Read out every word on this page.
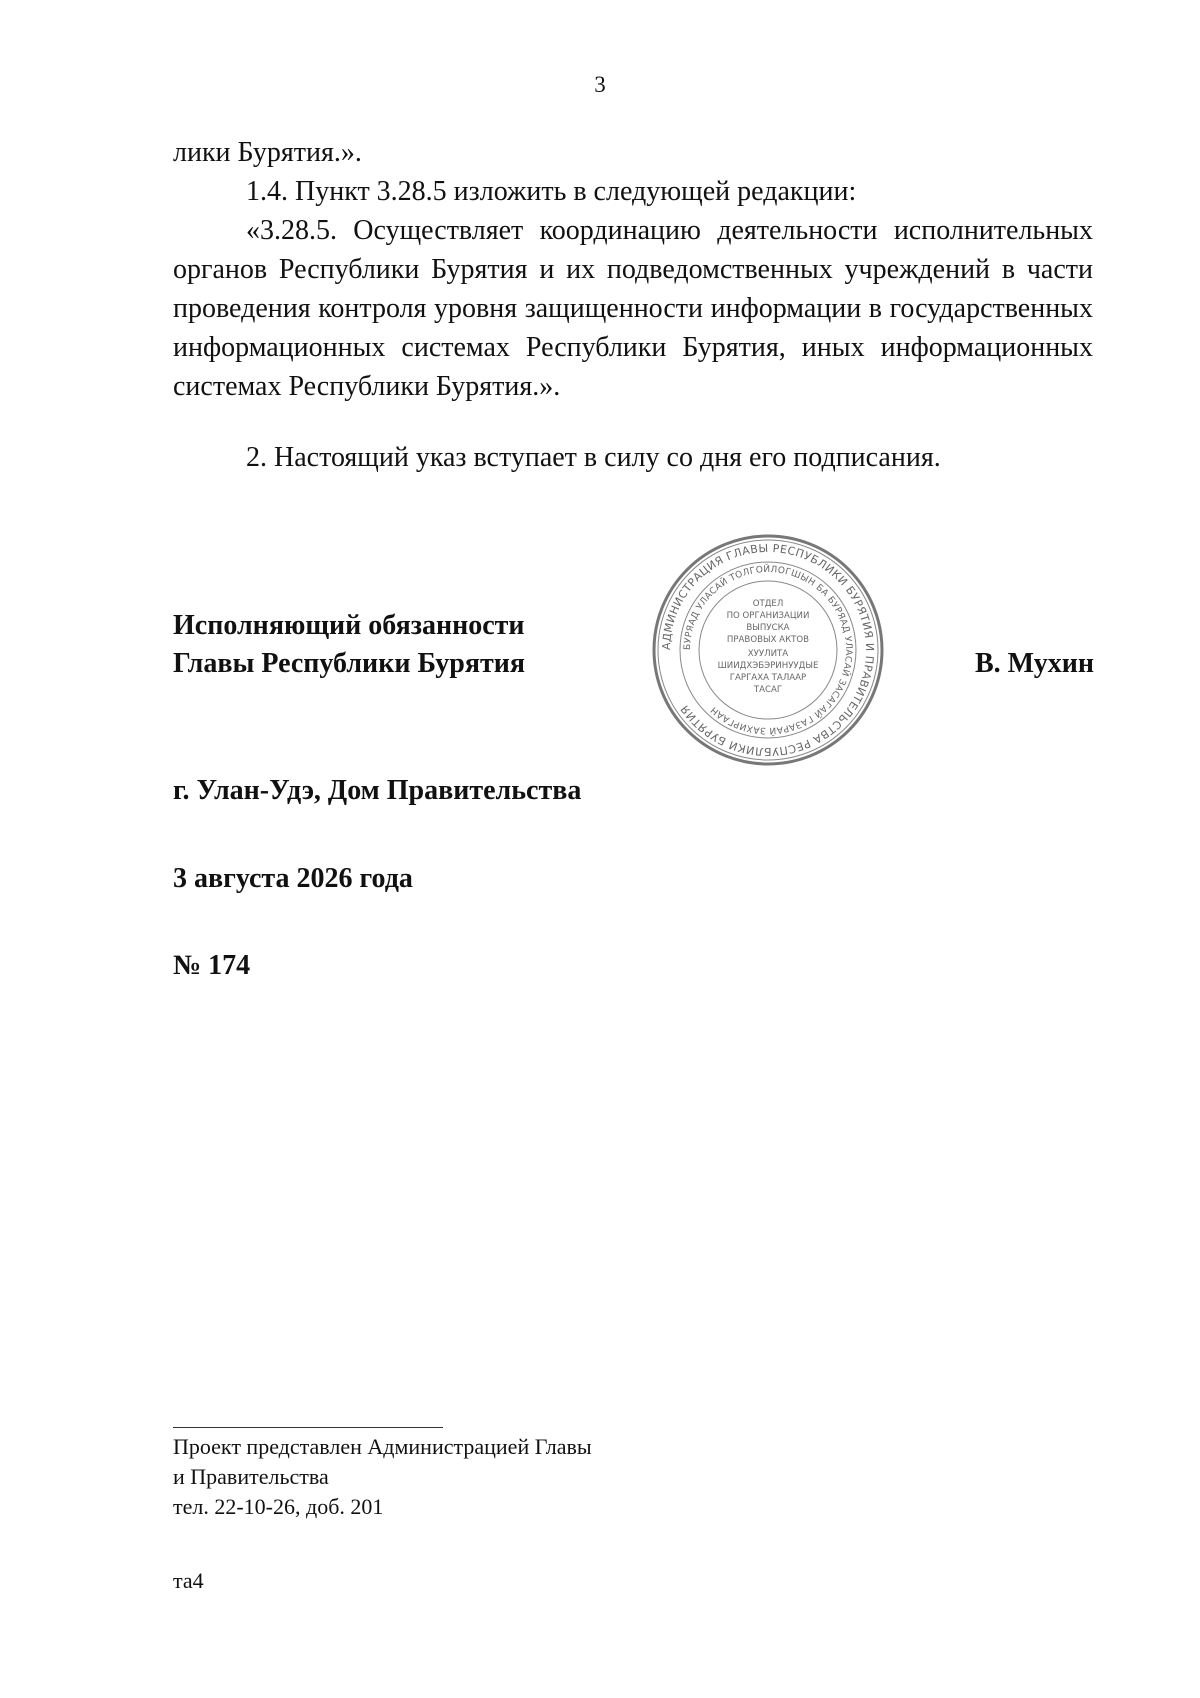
3
лики Бурятия.».
1.4. Пункт 3.28.5 изложить в следующей редакции:
«3.28.5. Осуществляет координацию деятельности исполнительных органов Республики Бурятия и их подведомственных учреждений в части проведения контроля уровня защищенности информации в государственных информационных системах Республики Бурятия, иных информационных системах Республики Бурятия.».
2. Настоящий указ вступает в силу со дня его подписания.
Исполняющий обязанности
Главы Республики Бурятия	В. Мухин
АДМИНИСТРАЦИЯ ГЛАВЫ РЕСПУБЛИКИ БУРЯТИЯ И ПРАВИТЕЛЬСТВА РЕСПУБЛИКИ БУРЯТИЯ
БУРЯАД УЛАСАЙ ТОЛГОЙЛОГШЫН БА БУРЯАД УЛАСАЙ ЗАСАГАЙ ГАЗАРАЙ ЗАХИРГААН
ОТДЕЛ
ПО ОРГАНИЗАЦИИ
ВЫПУСКА
ПРАВОВЫХ АКТОВ
ХУУЛИТА
ШИИДХЭБЭРИНУУДЫЕ
ГАРГАХА ТАЛААР
ТАСАГ
г. Улан-Удэ, Дом Правительства
3 августа 2026 года
№ 174
Проект представлен Администрацией Главы
и Правительства
тел. 22-10-26, доб. 201
та4
